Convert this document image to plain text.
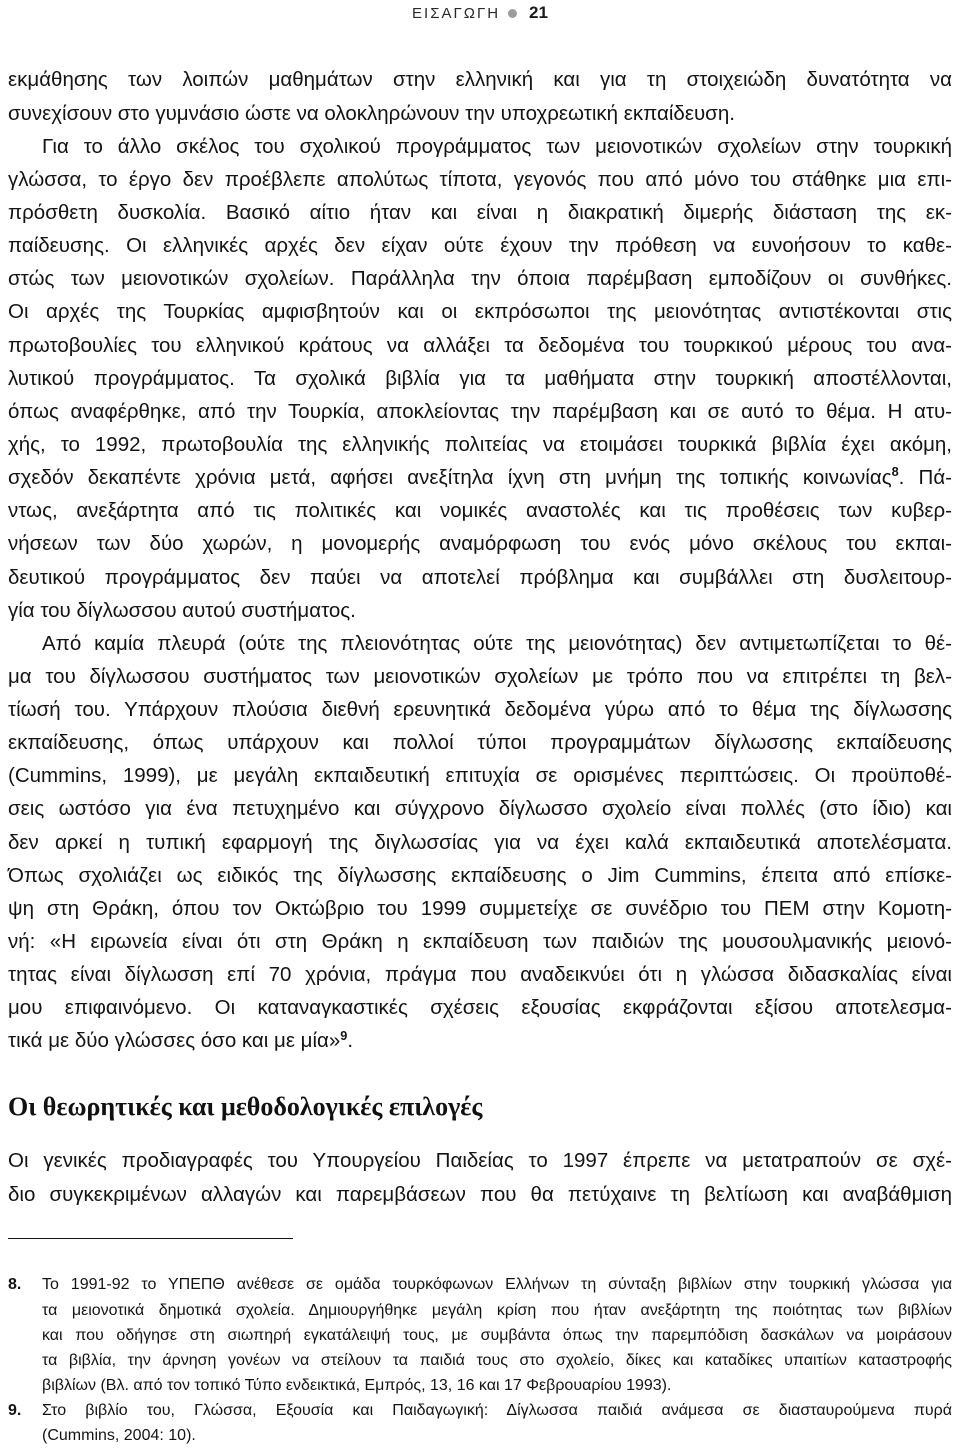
ΕΙΣΑΓΩΓΗ 21
εκμάθησης των λοιπών μαθημάτων στην ελληνική και για τη στοιχειώδη δυνατότητα να
συνεχίσουν στο γυμνάσιο ώστε να ολοκληρώνουν την υποχρεωτική εκπαίδευση.
Για το άλλο σκέλος του σχολικού προγράμματος των μειονοτικών σχολείων στην τουρκική
γλώσσα, το έργο δεν προέβλεπε απολύτως τίποτα, γεγονός που από μόνο του στάθηκε μια επι-
πρόσθετη δυσκολία. Βασικό αίτιο ήταν και είναι η διακρατική διμερής διάσταση της εκ-
παίδευσης. Οι ελληνικές αρχές δεν είχαν ούτε έχουν την πρόθεση να ευνοήσουν το καθε-
στώς των μειονοτικών σχολείων. Παράλληλα την όποια παρέμβαση εμποδίζουν οι συνθήκες.
Οι αρχές της Τουρκίας αμφισβητούν και οι εκπρόσωποι της μειονότητας αντιστέκονται στις
πρωτοβουλίες του ελληνικού κράτους να αλλάξει τα δεδομένα του τουρκικού μέρους του ανα-
λυτικού προγράμματος. Τα σχολικά βιβλία για τα μαθήματα στην τουρκική αποστέλλονται,
όπως αναφέρθηκε, από την Τουρκία, αποκλείοντας την παρέμβαση και σε αυτό το θέμα. Η ατυ-
χής, το 1992, πρωτοβουλία της ελληνικής πολιτείας να ετοιμάσει τουρκικά βιβλία έχει ακόμη,
σχεδόν δεκαπέντε χρόνια μετά, αφήσει ανεξίτηλα ίχνη στη μνήμη της τοπικής κοινωνίας$^8$. Πά-
ντως, ανεξάρτητα από τις πολιτικές και νομικές αναστολές και τις προθέσεις των κυβερ-
νήσεων των δύο χωρών, η μονομερής αναμόρφωση του ενός μόνο σκέλους του εκπαι-
δευτικού προγράμματος δεν παύει να αποτελεί πρόβλημα και συμβάλλει στη δυσλειτουρ-
γία του δίγλωσσου αυτού συστήματος.
Από καμία πλευρά (ούτε της πλειονότητας ούτε της μειονότητας) δεν αντιμετωπίζεται το θέ-
μα του δίγλωσσου συστήματος των μειονοτικών σχολείων με τρόπο που να επιτρέπει τη βελ-
τίωσή του. Υπάρχουν πλούσια διεθνή ερευνητικά δεδομένα γύρω από το θέμα της δίγλωσσης
εκπαίδευσης, όπως υπάρχουν και πολλοί τύποι προγραμμάτων δίγλωσσης εκπαίδευσης
(Cummins, 1999), με μεγάλη εκπαιδευτική επιτυχία σε ορισμένες περιπτώσεις. Οι προϋποθέ-
σεις ωστόσο για ένα πετυχημένο και σύγχρονο δίγλωσσο σχολείο είναι πολλές (στο ίδιο) και
δεν αρκεί η τυπική εφαρμογή της διγλωσσίας για να έχει καλά εκπαιδευτικά αποτελέσματα.
Όπως σχολιάζει ως ειδικός της δίγλωσσης εκπαίδευσης ο Jim Cummins, έπειτα από επίσκε-
ψη στη Θράκη, όπου τον Οκτώβριο του 1999 συμμετείχε σε συνέδριο του ΠΕΜ στην Κομοτη-
νή: «Η ειρωνεία είναι ότι στη Θράκη η εκπαίδευση των παιδιών της μουσουλμανικής μειονό-
τητας είναι δίγλωσση επί 70 χρόνια, πράγμα που αναδεικνύει ότι η γλώσσα διδασκαλίας είναι
μου επιφαινόμενο. Οι καταναγκαστικές σχέσεις εξουσίας εκφράζονται εξίσου αποτελεσμα-
τικά με δύο γλώσσες όσο και με μία»$^9$.
Οι θεωρητικές και μεθοδολογικές επιλογές
Οι γενικές προδιαγραφές του Υπουργείου Παιδείας το 1997 έπρεπε να μετατραπούν σε σχέ-
διο συγκεκριμένων αλλαγών και παρεμβάσεων που θα πετύχαινε τη βελτίωση και αναβάθμιση
8. Το 1991-92 το ΥΠΕΠΘ ανέθεσε σε ομάδα τουρκόφωνων Ελλήνων τη σύνταξη βιβλίων στην τουρκική γλώσσα για
τα μειονοτικά δημοτικά σχολεία. Δημιουργήθηκε μεγάλη κρίση που ήταν ανεξάρτητη της ποιότητας των βιβλίων
και που οδήγησε στη σιωπηρή εγκατάλειψή τους, με συμβάντα όπως την παρεμπόδιση δασκάλων να μοιράσουν
τα βιβλία, την άρνηση γονέων να στείλουν τα παιδιά τους στο σχολείο, δίκες και καταδίκες υπαιτίων καταστροφής
βιβλίων (Βλ. από τον τοπικό Τύπο ενδεικτικά, Εμπρός, 13, 16 και 17 Φεβρουαρίου 1993).
9. Στο βιβλίο του, Γλώσσα, Εξουσία και Παιδαγωγική: Δίγλωσσα παιδιά ανάμεσα σε διασταυρούμενα πυρά
(Cummins, 2004: 10).
